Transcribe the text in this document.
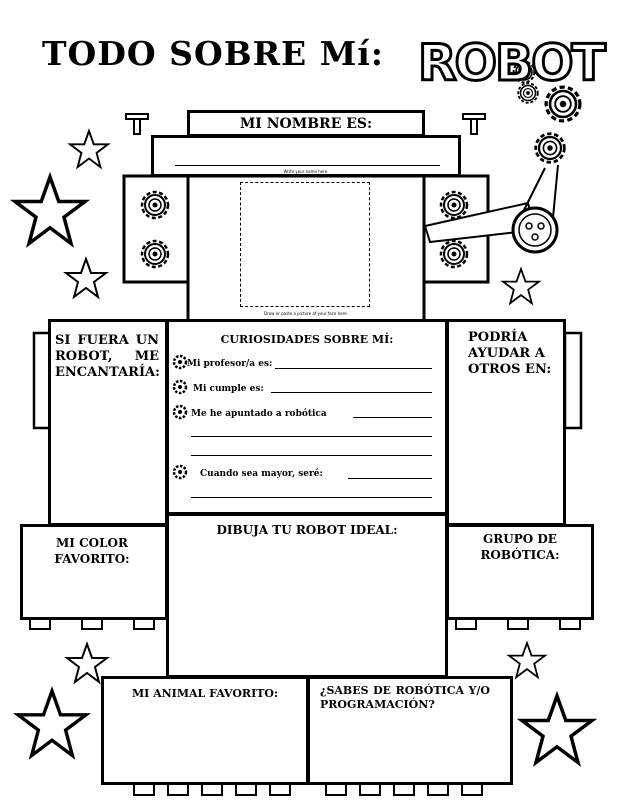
TODO SOBRE Mí: ROBOT
MI NOMBRE ES:
Write your name here.
Draw or paste a picture of your face here.
SI FUERA UN ROBOT, ME ENCANTARÍA:
CURIOSIDADES SOBRE MÍ:
Mi profesor/a es:
Mi cumple es:
Me he apuntado a robótica
Cuando sea mayor, seré:
PODRÍA AYUDAR A OTROS EN:
MI COLOR FAVORITO:
DIBUJA TU ROBOT IDEAL:
GRUPO DE ROBÓTICA:
MI ANIMAL FAVORITO:	¿SABES DE ROBÓTICA Y/O PROGRAMACIÓN?
